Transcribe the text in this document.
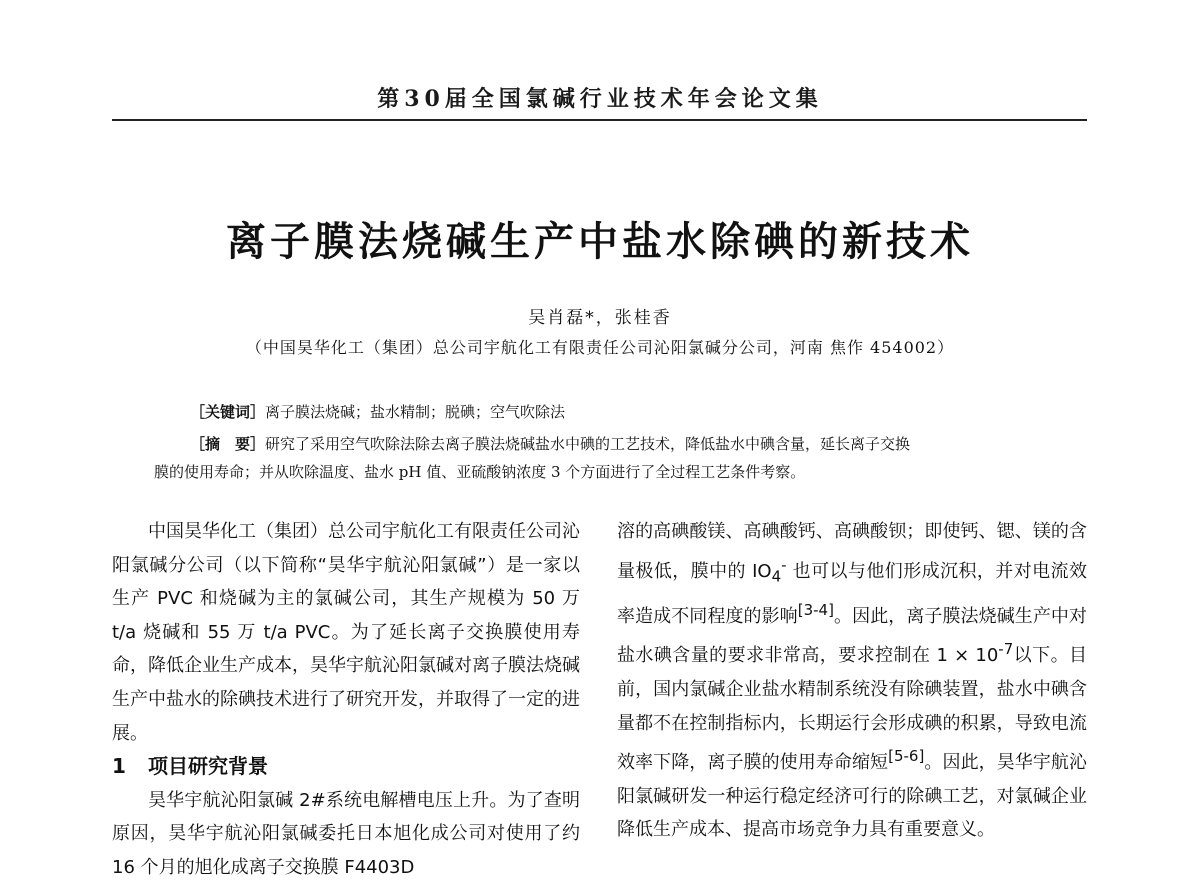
第30届全国氯碱行业技术年会论文集
离子膜法烧碱生产中盐水除碘的新技术
吴肖磊*，张桂香
（中国昊华化工（集团）总公司宇航化工有限责任公司沁阳氯碱分公司，河南 焦作 454002）
［关键词］离子膜法烧碱；盐水精制；脱碘；空气吹除法
［摘　要］研究了采用空气吹除法除去离子膜法烧碱盐水中碘的工艺技术，降低盐水中碘含量，延长离子交换
膜的使用寿命；并从吹除温度、盐水 pH 值、亚硫酸钠浓度 3 个方面进行了全过程工艺条件考察。

中国昊华化工（集团）总公司宇航化工有限责任公司沁阳氯碱分公司（以下简称“昊华宇航沁阳氯碱”）是一家以生产 PVC 和烧碱为主的氯碱公司，其生产规模为 50 万 t/a 烧碱和 55 万 t/a PVC。为了延长离子交换膜使用寿命，降低企业生产成本，昊华宇航沁阳氯碱对离子膜法烧碱生产中盐水的除碘技术进行了研究开发，并取得了一定的进展。

1 项目研究背景

昊华宇航沁阳氯碱 2#系统电解槽电压上升。为了查明原因，昊华宇航沁阳氯碱委托日本旭化成公司对使用了约 16 个月的旭化成离子交换膜 F4403D

溶的高碘酸镁、高碘酸钙、高碘酸钡；即使钙、锶、镁的含量极低，膜中的 $IO_4^-$ 也可以与他们形成沉积，并对电流效率造成不同程度的影响[3-4]。因此，离子膜法烧碱生产中对盐水碘含量的要求非常高，要求控制在 $1 \times 10^{-7}$以下。目前，国内氯碱企业盐水精制系统没有除碘装置，盐水中碘含量都不在控制指标内，长期运行会形成碘的积累，导致电流效率下降，离子膜的使用寿命缩短[5-6]。因此，昊华宇航沁阳氯碱研发一种运行稳定经济可行的除碘工艺，对氯碱企业降低生产成本、提高市场竞争力具有重要意义。
